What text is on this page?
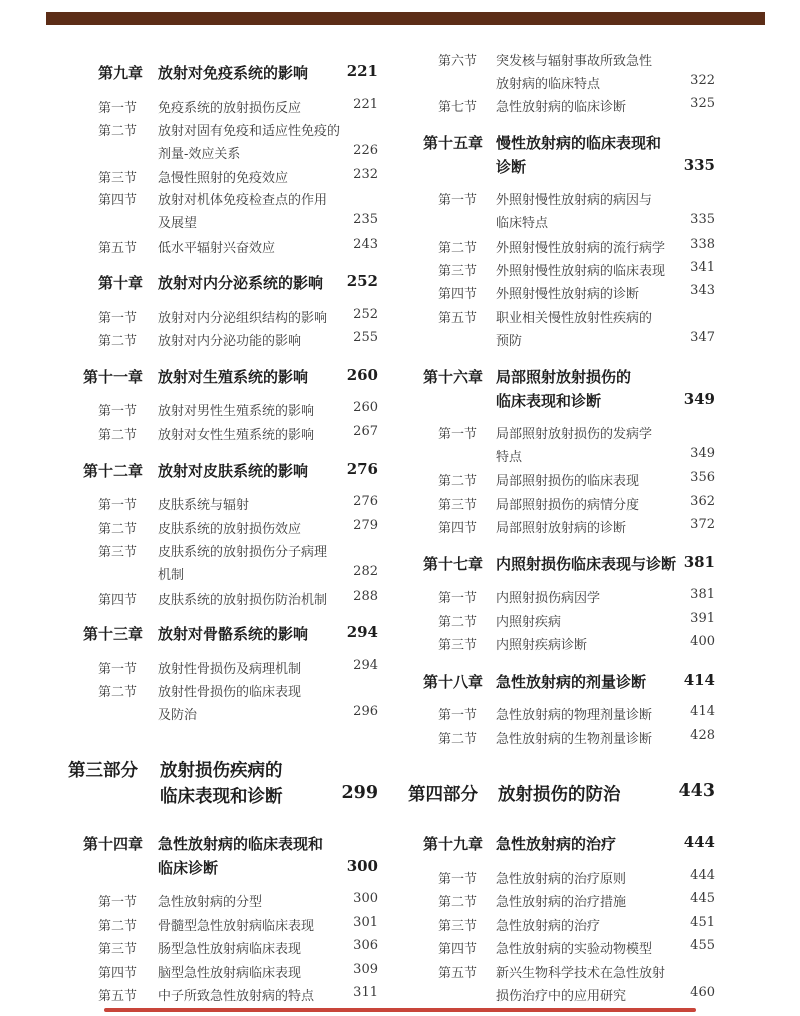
第九章 放射对免疫系统的影响	221
第一节 免疫系统的放射损伤反应	221
第二节 放射对固有免疫和适应性免疫的
剂量-效应关系	226
第三节 急慢性照射的免疫效应	232
第四节 放射对机体免疫检查点的作用
及展望	235
第五节 低水平辐射兴奋效应	243
第十章 放射对内分泌系统的影响	252
第一节 放射对内分泌组织结构的影响	252
第二节 放射对内分泌功能的影响	255
第十一章 放射对生殖系统的影响	260
第一节 放射对男性生殖系统的影响	260
第二节 放射对女性生殖系统的影响	267
第十二章 放射对皮肤系统的影响	276
第一节 皮肤系统与辐射	276
第二节 皮肤系统的放射损伤效应	279
第三节 皮肤系统的放射损伤分子病理
机制	282
第四节 皮肤系统的放射损伤防治机制	288
第十三章 放射对骨骼系统的影响	294
第一节 放射性骨损伤及病理机制	294
第二节 放射性骨损伤的临床表现
及防治	296
第三部分 放射损伤疾病的
临床表现和诊断	299
第十四章 急性放射病的临床表现和
临床诊断	300
第一节 急性放射病的分型	300
第二节 骨髓型急性放射病临床表现	301
第三节 肠型急性放射病临床表现	306
第四节 脑型急性放射病临床表现	309
第五节 中子所致急性放射病的特点	311
第六节 突发核与辐射事故所致急性
放射病的临床特点	322
第七节 急性放射病的临床诊断	325
第十五章 慢性放射病的临床表现和
诊断	335
第一节 外照射慢性放射病的病因与
临床特点	335
第二节 外照射慢性放射病的流行病学	338
第三节 外照射慢性放射病的临床表现	341
第四节 外照射慢性放射病的诊断	343
第五节 职业相关慢性放射性疾病的
预防	347
第十六章 局部照射放射损伤的
临床表现和诊断	349
第一节 局部照射放射损伤的发病学
特点	349
第二节 局部照射损伤的临床表现	356
第三节 局部照射损伤的病情分度	362
第四节 局部照射放射病的诊断	372
第十七章 内照射损伤临床表现与诊断 381
第一节 内照射损伤病因学	381
第二节 内照射疾病	391
第三节 内照射疾病诊断	400
第十八章 急性放射病的剂量诊断	414
第一节 急性放射病的物理剂量诊断	414
第二节 急性放射病的生物剂量诊断	428
第四部分 放射损伤的防治	443
第十九章 急性放射病的治疗	444
第一节 急性放射病的治疗原则	444
第二节 急性放射病的治疗措施	445
第三节 急性放射病的治疗	451
第四节 急性放射病的实验动物模型	455
第五节 新兴生物科学技术在急性放射
损伤治疗中的应用研究	460
